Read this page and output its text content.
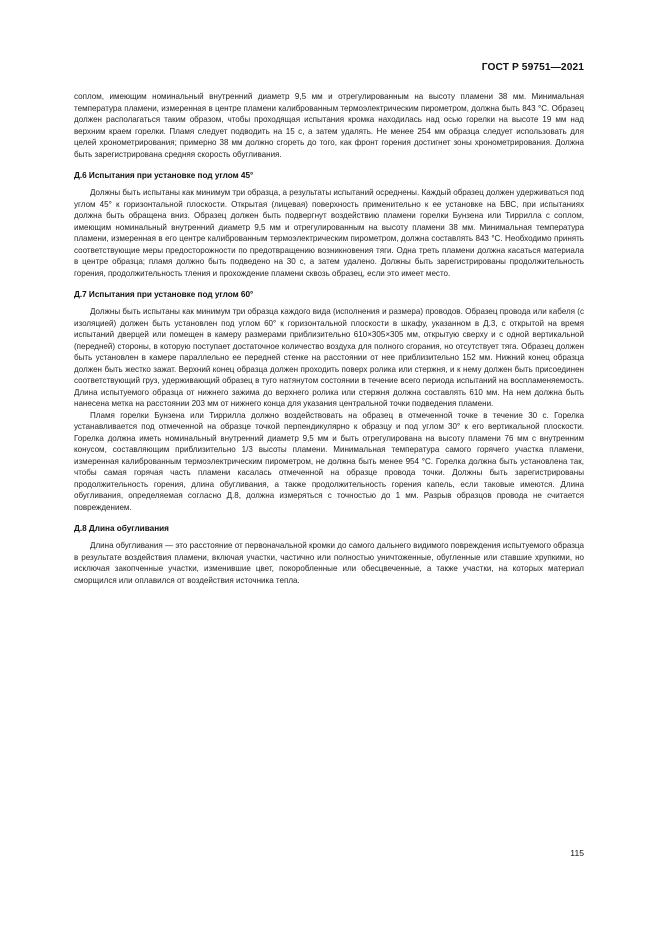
ГОСТ Р 59751—2021

соплом, имеющим номинальный внутренний диаметр 9,5 мм и отрегулированным на высоту пламени 38 мм. Минимальная температура пламени, измеренная в центре пламени калиброванным термоэлектрическим пирометром, должна быть 843 °С. Образец должен располагаться таким образом, чтобы проходящая испытания кромка находилась над осью горелки на высоте 19 мм над верхним краем горелки. Пламя следует подводить на 15 с, а затем удалять. Не менее 254 мм образца следует использовать для целей хронометрирования; примерно 38 мм должно сгореть до того, как фронт горения достигнет зоны хронометрирования. Должна быть зарегистрирована средняя скорость обугливания.

Д.6 Испытания при установке под углом 45°

Должны быть испытаны как минимум три образца, а результаты испытаний осреднены. Каждый образец должен удерживаться под углом 45° к горизонтальной плоскости. Открытая (лицевая) поверхность применительно к ее установке на БВС, при испытаниях должна быть обращена вниз. Образец должен быть подвергнут воздействию пламени горелки Бунзена или Тиррилла с соплом, имеющим номинальный внутренний диаметр 9,5 мм и отрегулированным на высоту пламени 38 мм. Минимальная температура пламени, измеренная в его центре калиброванным термоэлектрическим пирометром, должна составлять 843 °С. Необходимо принять соответствующие меры предосторожности по предотвращению возникновения тяги. Одна треть пламени должна касаться материала в центре образца; пламя должно быть подведено на 30 с, а затем удалено. Должны быть зарегистрированы продолжительность горения, продолжительность тления и прохождение пламени сквозь образец, если это имеет место.

Д.7 Испытания при установке под углом 60°

Должны быть испытаны как минимум три образца каждого вида (исполнения и размера) проводов. Образец провода или кабеля (с изоляцией) должен быть установлен под углом 60° к горизонтальной плоскости в шкафу, указанном в Д.3, с открытой на время испытаний дверцей или помещен в камеру размерами приблизительно 610×305×305 мм, открытую сверху и с одной вертикальной (передней) стороны, в которую поступает достаточное количество воздуха для полного сгорания, но отсутствует тяга. Образец должен быть установлен в камере параллельно ее передней стенке на расстоянии от нее приблизительно 152 мм. Нижний конец образца должен быть жестко зажат. Верхний конец образца должен проходить поверх ролика или стержня, и к нему должен быть присоединен соответствующий груз, удерживающий образец в туго натянутом состоянии в течение всего периода испытаний на воспламеняемость. Длина испытуемого образца от нижнего зажима до верхнего ролика или стержня должна составлять 610 мм. На нем должна быть нанесена метка на расстоянии 203 мм от нижнего конца для указания центральной точки подведения пламени.

Пламя горелки Бунзена или Тиррилла должно воздействовать на образец в отмеченной точке в течение 30 с. Горелка устанавливается под отмеченной на образце точкой перпендикулярно к образцу и под углом 30° к его вертикальной плоскости. Горелка должна иметь номинальный внутренний диаметр 9,5 мм и быть отрегулирована на высоту пламени 76 мм с внутренним конусом, составляющим приблизительно 1/3 высоты пламени. Минимальная температура самого горячего участка пламени, измеренная калиброванным термоэлектрическим пирометром, не должна быть менее 954 °С. Горелка должна быть установлена так, чтобы самая горячая часть пламени касалась отмеченной на образце провода точки. Должны быть зарегистрированы продолжительность горения, длина обугливания, а также продолжительность горения капель, если таковые имеются. Длина обугливания, определяемая согласно Д.8, должна измеряться с точностью до 1 мм. Разрыв образцов провода не считается повреждением.

Д.8 Длина обугливания

Длина обугливания — это расстояние от первоначальной кромки до самого дальнего видимого повреждения испытуемого образца в результате воздействия пламени, включая участки, частично или полностью уничтоженные, обугленные или ставшие хрупкими, но исключая закопченные участки, изменившие цвет, покоробленные или обесцвеченные, а также участки, на которых материал сморщился или оплавился от воздействия источника тепла.

115
